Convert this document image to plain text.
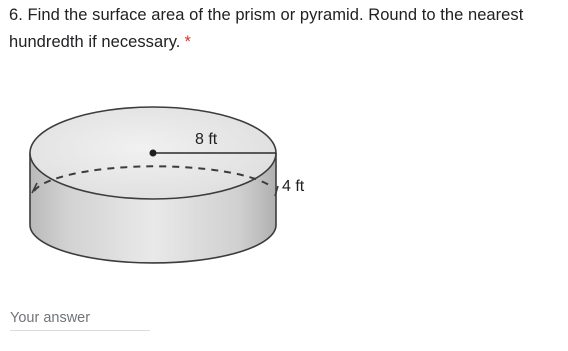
6. Find the surface area of the prism or pyramid. Round to the nearest hundredth if necessary. *
8 ft
4 ft
Your answer
